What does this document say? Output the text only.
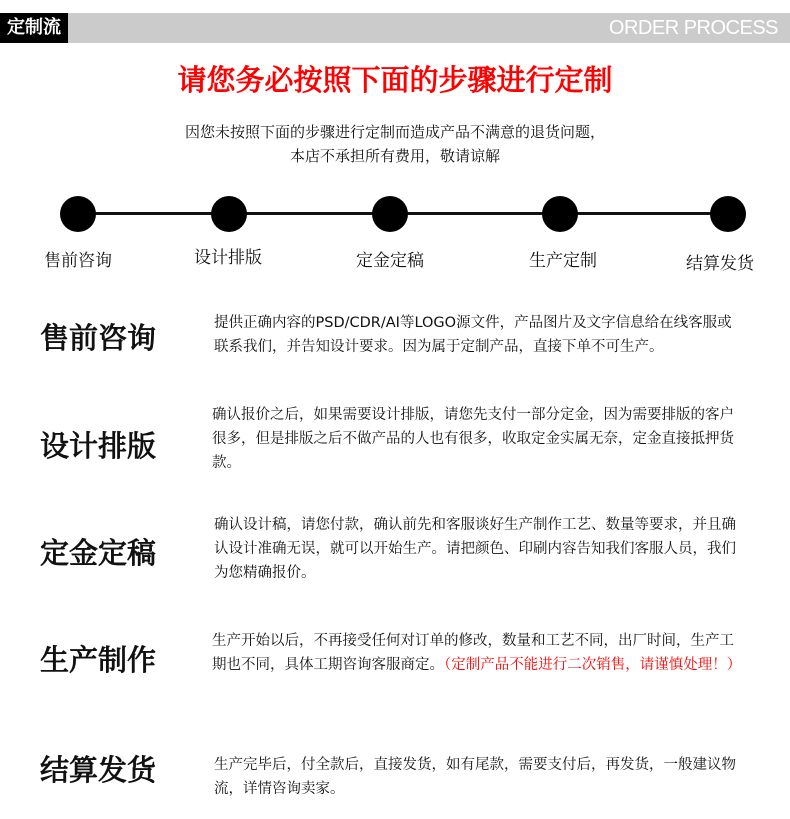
定制流程
ORDER PROCESS
请您务必按照下面的步骤进行定制
因您未按照下面的步骤进行定制而造成产品不满意的退货问题，
本店不承担所有费用，敬请谅解
售前咨询	设计排版	定金定稿	生产定制	结算发货
售前咨询	提供正确内容的PSD/CDR/AI等LOGO源文件，产品图片及文字信息给在线客服或联系我们，并告知设计要求。因为属于定制产品，直接下单不可生产。
设计排版
确认报价之后，如果需要设计排版，请您先支付一部分定金，因为需要排版的客户很多，但是排版之后不做产品的人也有很多，收取定金实属无奈，定金直接抵押货款。
定金定稿
确认设计稿，请您付款，确认前先和客服谈好生产制作工艺、数量等要求，并且确认设计准确无误，就可以开始生产。请把颜色、印刷内容告知我们客服人员，我们为您精确报价。
生产制作
生产开始以后，不再接受任何对订单的修改，数量和工艺不同，出厂时间，生产工期也不同，具体工期咨询客服商定。（定制产品不能进行二次销售，请谨慎处理！）
结算发货	生产完毕后，付全款后，直接发货，如有尾款，需要支付后，再发货，一般建议物流，详情咨询卖家。
